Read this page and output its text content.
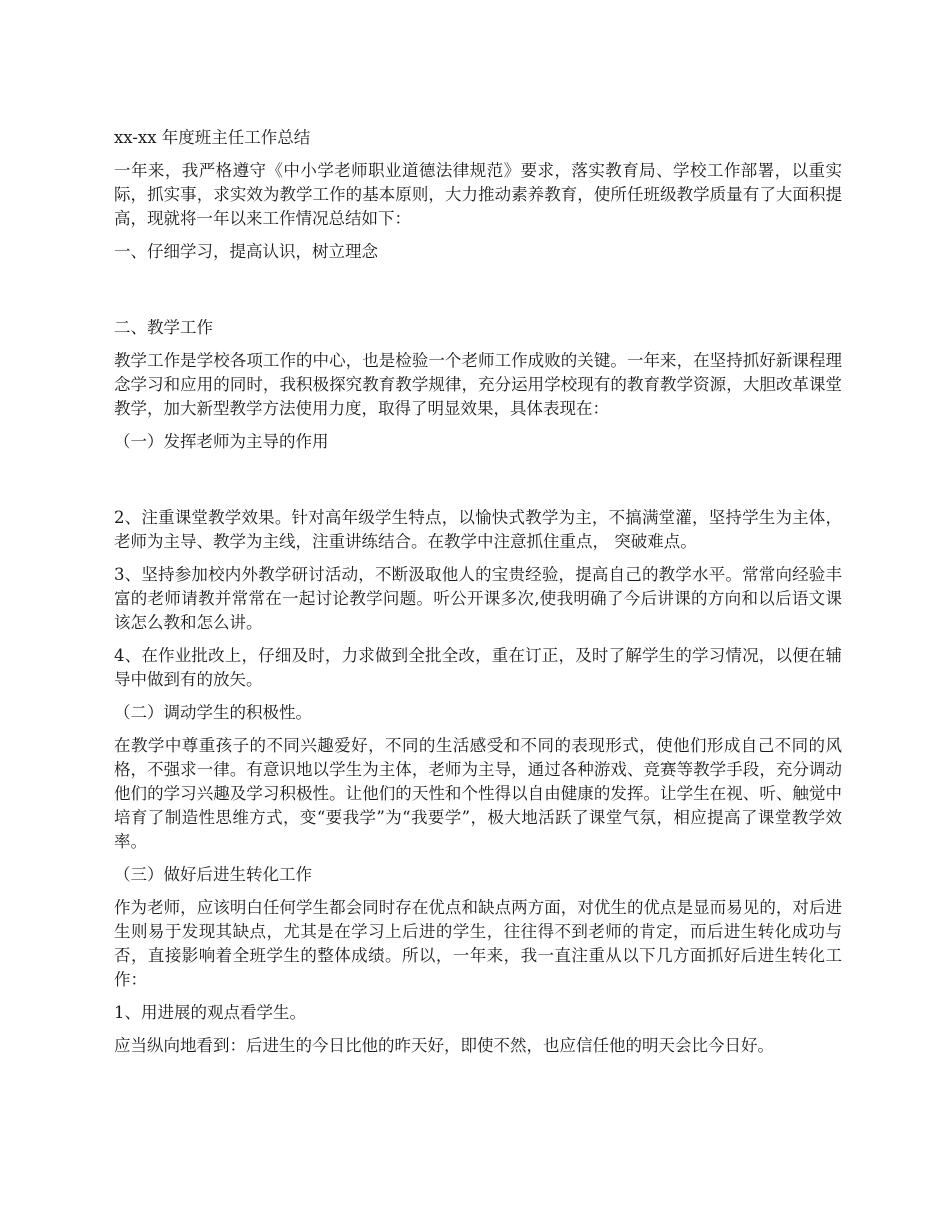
xx-xx 年度班主任工作总结

一年来，我严格遵守《中小学老师职业道德法律规范》要求，落实教育局、学校工作部署，以重实际，抓实事，求实效为教学工作的基本原则，大力推动素养教育，使所任班级教学质量有了大面积提高，现就将一年以来工作情况总结如下：

一、仔细学习，提高认识，树立理念

二、教学工作

教学工作是学校各项工作的中心，也是检验一个老师工作成败的关键。一年来，在坚持抓好新课程理念学习和应用的同时，我积极探究教育教学规律，充分运用学校现有的教育教学资源，大胆改革课堂教学，加大新型教学方法使用力度，取得了明显效果，具体表现在：

（一）发挥老师为主导的作用

2、注重课堂教学效果。针对高年级学生特点，以愉快式教学为主，不搞满堂灌，坚持学生为主体，老师为主导、教学为主线，注重讲练结合。在教学中注意抓住重点， 突破难点。

3、坚持参加校内外教学研讨活动，不断汲取他人的宝贵经验，提高自己的教学水平。常常向经验丰富的老师请教并常常在一起讨论教学问题。听公开课多次,使我明确了今后讲课的方向和以后语文课该怎么教和怎么讲。

4、在作业批改上，仔细及时，力求做到全批全改，重在订正，及时了解学生的学习情况，以便在辅导中做到有的放矢。

（二）调动学生的积极性。

在教学中尊重孩子的不同兴趣爱好，不同的生活感受和不同的表现形式，使他们形成自己不同的风格，不强求一律。有意识地以学生为主体，老师为主导，通过各种游戏、竞赛等教学手段，充分调动他们的学习兴趣及学习积极性。让他们的天性和个性得以自由健康的发挥。让学生在视、听、触觉中培育了制造性思维方式，变“要我学”为“我要学”，极大地活跃了课堂气氛，相应提高了课堂教学效率。

（三）做好后进生转化工作

作为老师，应该明白任何学生都会同时存在优点和缺点两方面，对优生的优点是显而易见的，对后进生则易于发现其缺点，尤其是在学习上后进的学生，往往得不到老师的肯定，而后进生转化成功与否，直接影响着全班学生的整体成绩。所以，一年来，我一直注重从以下几方面抓好后进生转化工作：

1、用进展的观点看学生。

应当纵向地看到：后进生的今日比他的昨天好，即使不然，也应信任他的明天会比今日好。
